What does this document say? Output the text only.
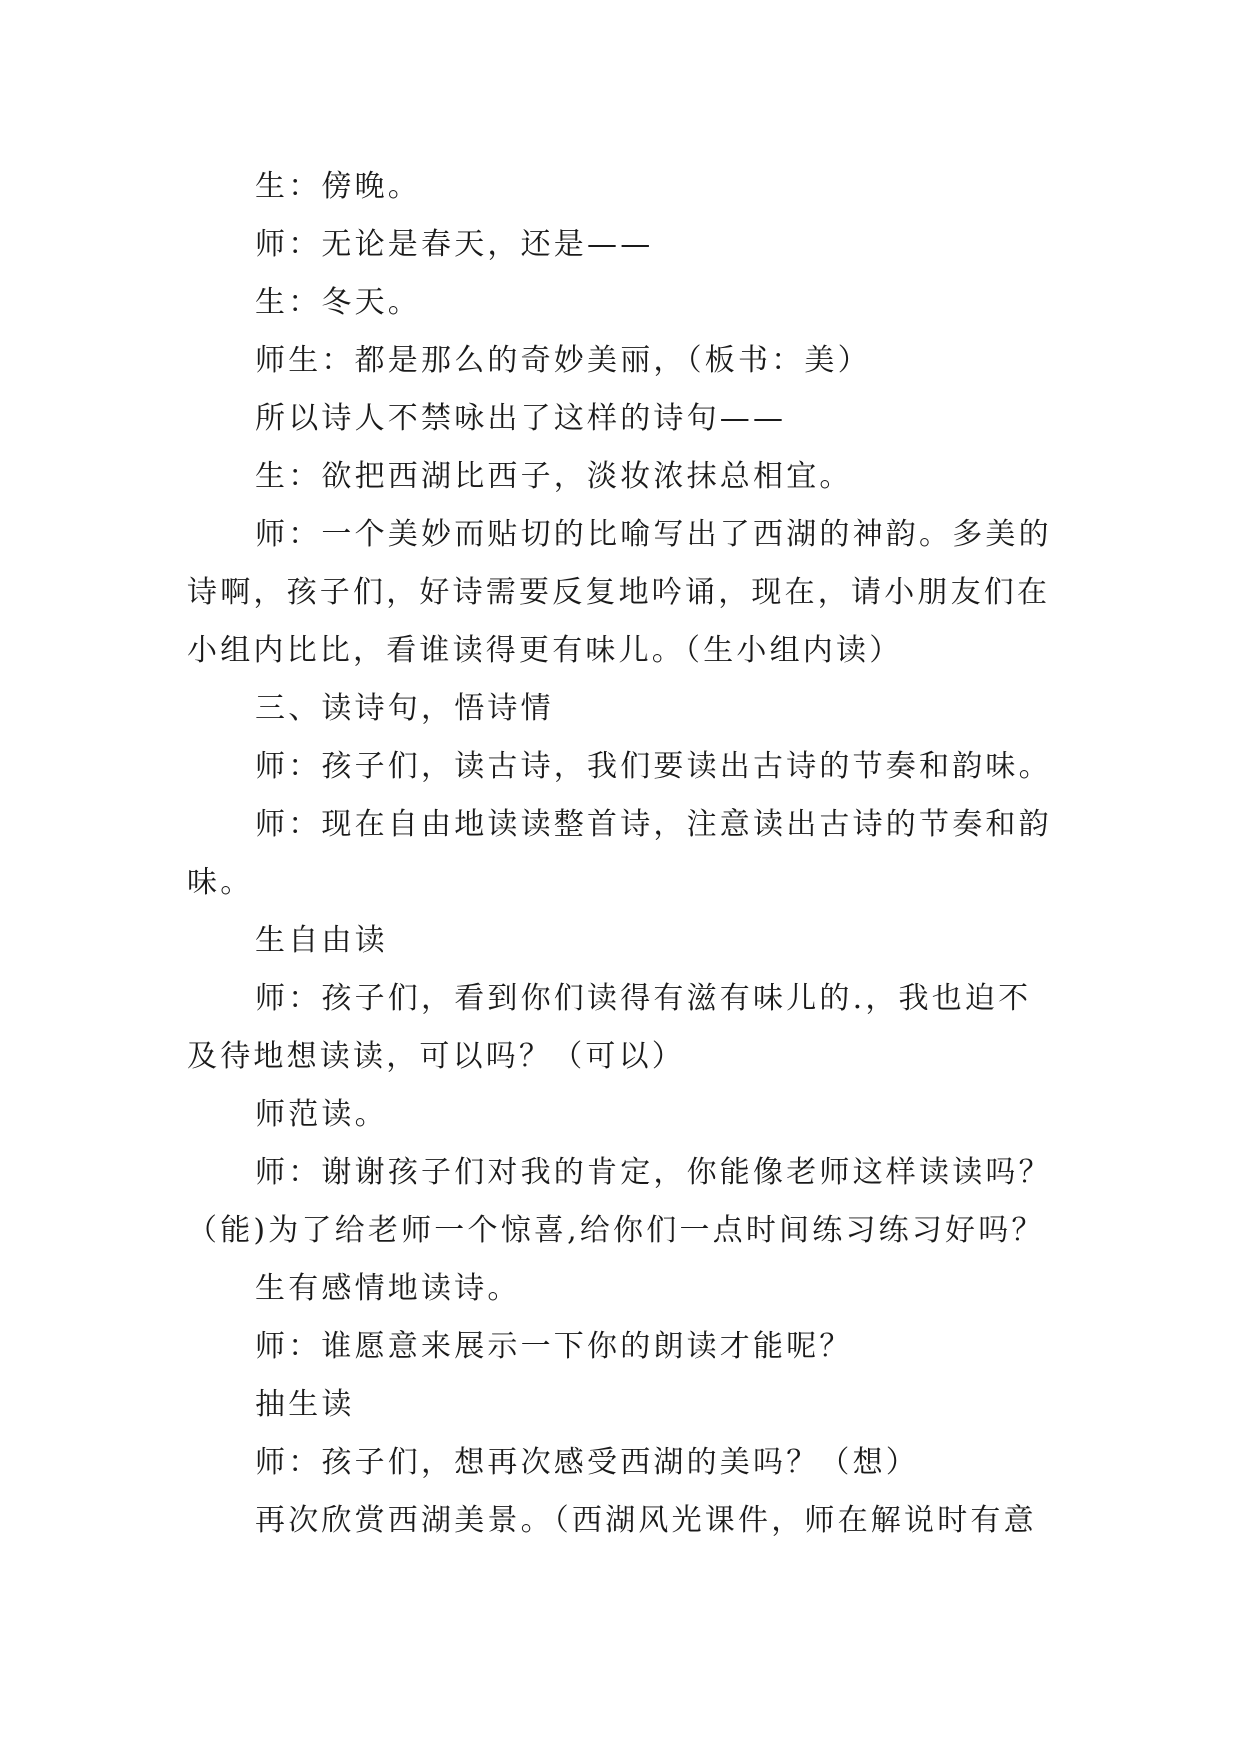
生：傍晚。

师：无论是春天，还是——

生：冬天。

师生：都是那么的奇妙美丽，（板书：美）

所以诗人不禁咏出了这样的诗句——

生：欲把西湖比西子，淡妆浓抹总相宜。

师：一个美妙而贴切的比喻写出了西湖的神韵。多美的诗啊，孩子们，好诗需要反复地吟诵，现在，请小朋友们在小组内比比，看谁读得更有味儿。（生小组内读）

三、读诗句，悟诗情

师：孩子们，读古诗，我们要读出古诗的节奏和韵味。

师：现在自由地读读整首诗，注意读出古诗的节奏和韵味。

生自由读

师：孩子们，看到你们读得有滋有味儿的.，我也迫不及待地想读读，可以吗？（可以）

师范读。

师：谢谢孩子们对我的肯定，你能像老师这样读读吗？（能)为了给老师一个惊喜,给你们一点时间练习练习好吗？

生有感情地读诗。

师：谁愿意来展示一下你的朗读才能呢？

抽生读

师：孩子们，想再次感受西湖的美吗？（想）

再次欣赏西湖美景。（西湖风光课件，师在解说时有意
